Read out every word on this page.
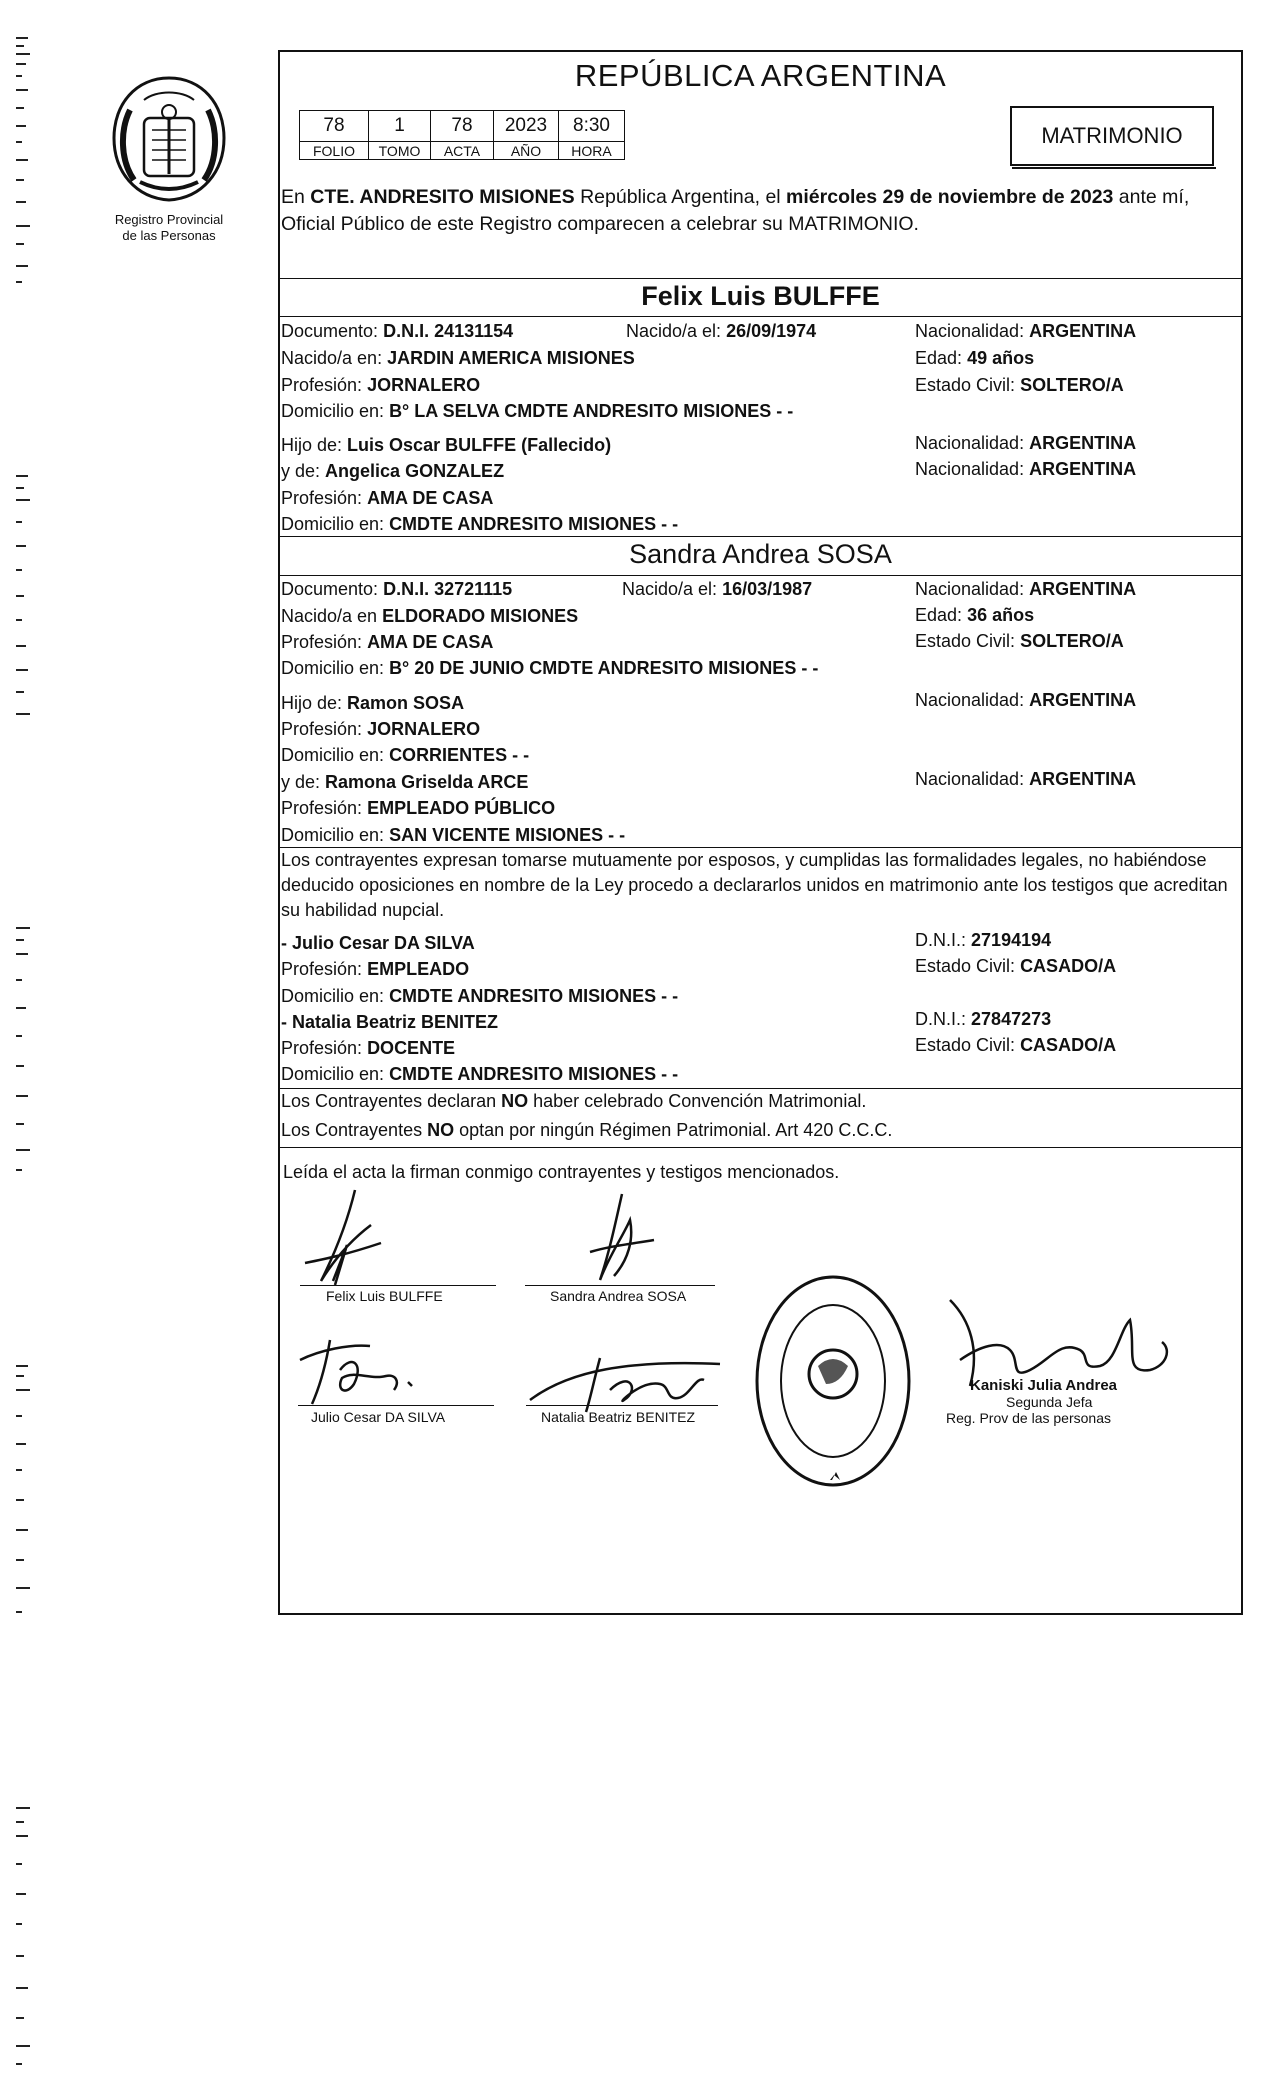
Registro Provincial
de las Personas
REPÚBLICA ARGENTINA
78	1	78	2023	8:30
FOLIO	TOMO	ACTA	AÑO	HORA
MATRIMONIO
En CTE. ANDRESITO MISIONES República Argentina, el miércoles 29 de noviembre de 2023 ante mí, Oficial Público de este Registro comparecen a celebrar su MATRIMONIO.
Felix Luis BULFFE
Documento: D.N.I. 24131154	Nacido/a el: 26/09/1974	Nacionalidad: ARGENTINA
Nacido/a en: JARDIN AMERICA MISIONES	Edad: 49 años
Profesión: JORNALERO	Estado Civil: SOLTERO/A
Domicilio en: B° LA SELVA CMDTE ANDRESITO MISIONES - -
Hijo de: Luis Oscar BULFFE (Fallecido)	Nacionalidad: ARGENTINA
y de: Angelica GONZALEZ	Nacionalidad: ARGENTINA
Profesión: AMA DE CASA
Domicilio en: CMDTE ANDRESITO MISIONES - -
Sandra Andrea SOSA
Documento: D.N.I. 32721115	Nacido/a el: 16/03/1987	Nacionalidad: ARGENTINA
Nacido/a en ELDORADO MISIONES	Edad: 36 años
Profesión: AMA DE CASA	Estado Civil: SOLTERO/A
Domicilio en: B° 20 DE JUNIO CMDTE ANDRESITO MISIONES - -
Hijo de: Ramon SOSA	Nacionalidad: ARGENTINA
Profesión: JORNALERO
Domicilio en: CORRIENTES - -
y de: Ramona Griselda ARCE	Nacionalidad: ARGENTINA
Profesión: EMPLEADO PÚBLICO
Domicilio en: SAN VICENTE MISIONES - -
Los contrayentes expresan tomarse mutuamente por esposos, y cumplidas las formalidades legales, no habiéndose deducido oposiciones en nombre de la Ley procedo a declararlos unidos en matrimonio ante los testigos que acreditan su habilidad nupcial.
- Julio Cesar DA SILVA	D.N.I.: 27194194
Profesión: EMPLEADO	Estado Civil: CASADO/A
Domicilio en: CMDTE ANDRESITO MISIONES - -
- Natalia Beatriz BENITEZ	D.N.I.: 27847273
Profesión: DOCENTE	Estado Civil: CASADO/A
Domicilio en: CMDTE ANDRESITO MISIONES - -
Los Contrayentes declaran NO haber celebrado Convención Matrimonial.
Los Contrayentes NO optan por ningún Régimen Patrimonial. Art 420 C.C.C.
Leída el acta la firman conmigo contrayentes y testigos mencionados.
Felix Luis BULFFE	Sandra Andrea SOSA
Julio Cesar DA SILVA	Natalia Beatriz BENITEZ
Kaniski Julia Andrea
Segunda Jefa
Reg. Prov de las personas
